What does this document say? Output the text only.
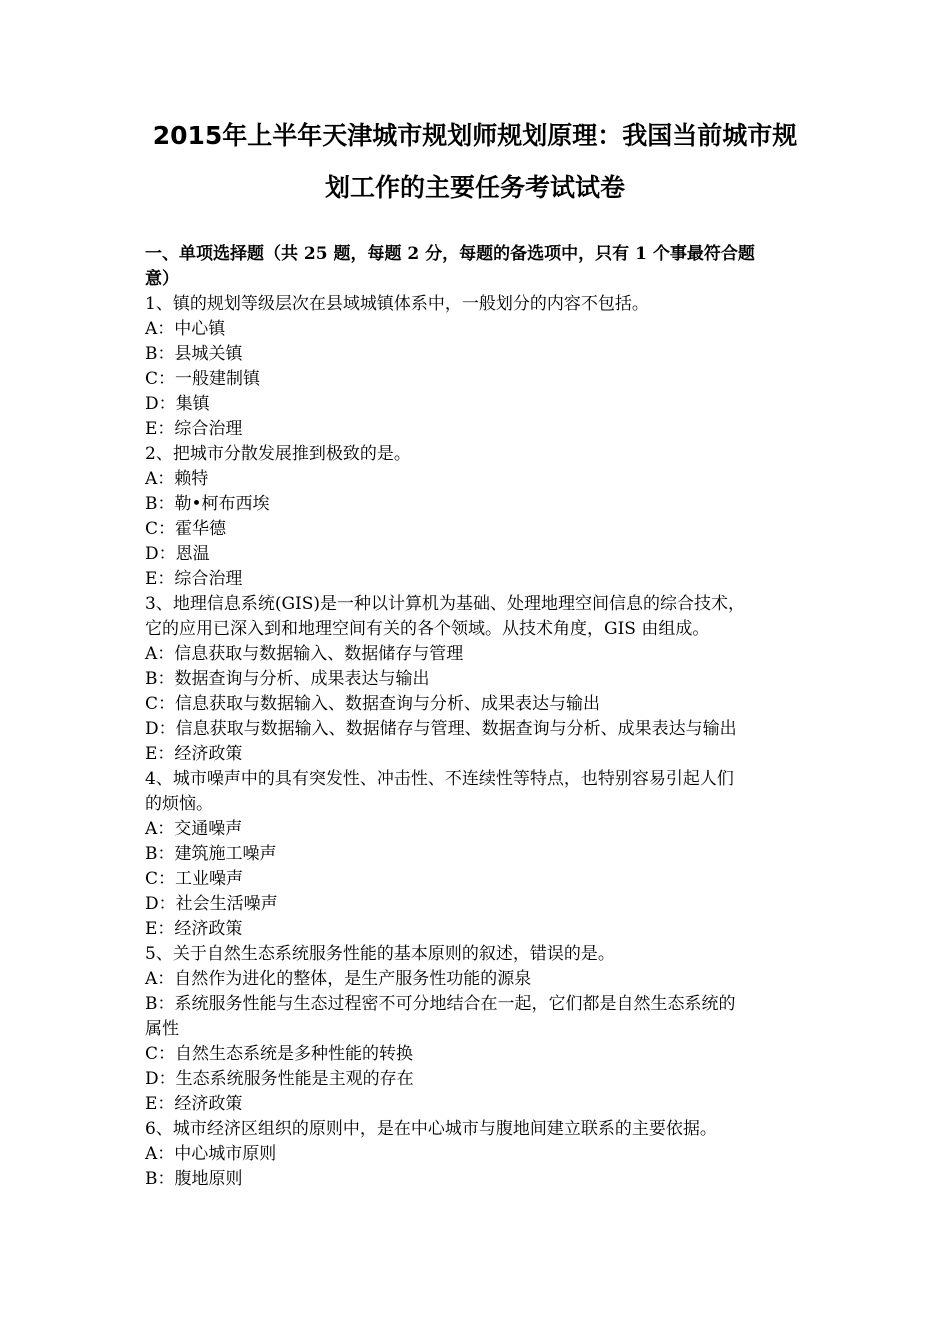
2015年上半年天津城市规划师规划原理：我国当前城市规
划工作的主要任务考试试卷

一、单项选择题（共 25 题，每题 2 分，每题的备选项中，只有 1 个事最符合题

意）

1、镇的规划等级层次在县域城镇体系中，一般划分的内容不包括。

A：中心镇

B：县城关镇

C：一般建制镇

D：集镇

E：综合治理

2、把城市分散发展推到极致的是。

A：赖特

B：勒•柯布西埃

C：霍华德

D：恩温

E：综合治理

3、地理信息系统(GIS)是一种以计算机为基础、处理地理空间信息的综合技术，

它的应用已深入到和地理空间有关的各个领域。从技术角度，GIS 由组成。

A：信息获取与数据输入、数据储存与管理

B：数据查询与分析、成果表达与输出

C：信息获取与数据输入、数据查询与分析、成果表达与输出

D：信息获取与数据输入、数据储存与管理、数据查询与分析、成果表达与输出

E：经济政策

4、城市噪声中的具有突发性、冲击性、不连续性等特点，也特别容易引起人们

的烦恼。

A：交通噪声

B：建筑施工噪声

C：工业噪声

D：社会生活噪声

E：经济政策

5、关于自然生态系统服务性能的基本原则的叙述，错误的是。

A：自然作为进化的整体，是生产服务性功能的源泉

B：系统服务性能与生态过程密不可分地结合在一起，它们都是自然生态系统的

属性

C：自然生态系统是多种性能的转换

D：生态系统服务性能是主观的存在

E：经济政策

6、城市经济区组织的原则中，是在中心城市与腹地间建立联系的主要依据。

A：中心城市原则

B：腹地原则
